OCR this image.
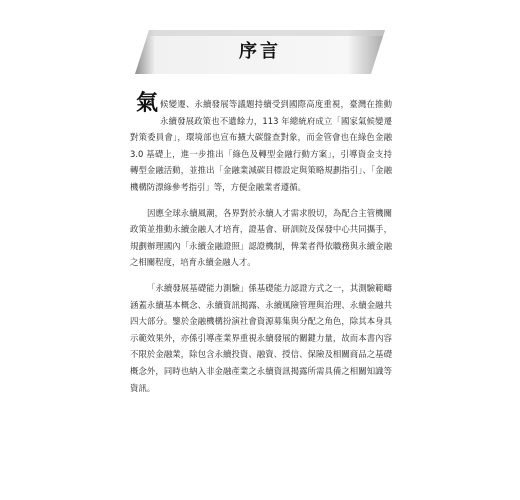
序言

氣候變遷、永續發展等議題持續受到國際高度重視，臺灣在推動永續發展政策也不遺餘力，113 年總統府成立「國家氣候變遷對策委員會」，環境部也宣布擴大碳盤查對象，而金管會也在綠色金融 3.0 基礎上，進一步推出「綠色及轉型金融行動方案」，引導資金支持轉型金融活動，並推出「金融業減碳目標設定與策略規劃指引」、「金融機構防漂綠參考指引」等，方便金融業者遵循。

因應全球永續風潮，各界對於永續人才需求殷切，為配合主管機關政策並推動永續金融人才培育，證基會、研訓院及保發中心共同攜手，規劃辦理國內「永續金融證照」認證機制，俾業者得依職務與永續金融之相關程度，培育永續金融人才。

「永續發展基礎能力測驗」係基礎能力認證方式之一，其測驗範疇涵蓋永續基本概念、永續資訊揭露、永續風險管理與治理、永續金融共四大部分。鑒於金融機構扮演社會資源募集與分配之角色，除其本身具示範效果外，亦係引導產業界重視永續發展的關鍵力量，故而本書內容不限於金融業，除包含永續投資、融資、授信、保險及相關商品之基礎概念外，同時也納入非金融產業之永續資訊揭露所需具備之相關知識等資訊。
